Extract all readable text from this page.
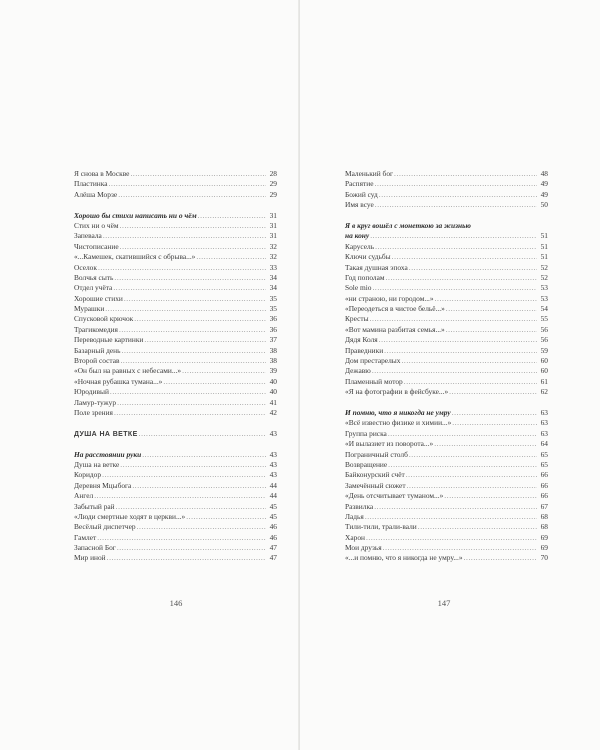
Я снова в Москве .....	28
Пластинка .....	29
Алёша Морзе .....	29
Хорошо бы стихи написать ни о чём .....	31
Стих ни о чём .....	31
Запевала .....	31
Чистописание .....	32
«...Камешек, скатившийся с обрыва...» .....	32
Оселок .....	33
Волчья сыть .....	34
Отдел учёта .....	34
Хорошие стихи .....	35
Мурашки .....	35
Спусковой крючок .....	36
Трагикомедия .....	36
Переводные картинки .....	37
Базарный день .....	38
Второй состав .....	38
«Он был на равных с небесами...» .....	39
«Ночная рубашка тумана...» .....	40
Юродивый .....	40
Ламур-тужур .....	41
Поле зрения .....	42
ДУША НА ВЕТКЕ .....	43
На расстоянии руки .....	43
Душа на ветке .....	43
Коридор .....	43
Деревня Мцыбога .....	44
Ангел .....	44
Забытый рай .....	45
«Люди смертные ходят в церкви...» .....	45
Весёлый диспетчер .....	46
Гамлет .....	46
Запасной Бог .....	47
Мир иной .....	47
146
Маленький бог .....	48
Распятие .....	49
Божий суд .....	49
Имя всуе .....	50
Я в круг вошёл с монеткою за жизнью
на кону .....	51
Карусель .....	51
Ключи судьбы .....	51
Такая душная эпоха .....	52
Год пополам .....	52
Sole mio .....	53
«ни страною, ни городом...» .....	53
«Переодеться в чистое бельё...» .....	54
Кресты .....	55
«Вот мамина разбитая семья...» .....	56
Дядя Коля .....	56
Праведники .....	59
Дом престарелых .....	60
Дежавю .....	60
Пламенный мотор .....	61
«Я на фотографии в фейсбуке...» .....	62
И помню, что я никогда не умру .....	63
«Всё известно физике и химии...» .....	63
Группа риска .....	63
«И вылазиет из поворота...» .....	64
Пограничный столб .....	65
Возвращение .....	65
Байконурский счёт .....	66
Замечённый сюжет .....	66
«День отсчитывает туманом...» .....	66
Развилка .....	67
Ладья .....	68
Тили-тили, трали-вали .....	68
Харон .....	69
Мои друзья .....	69
«...и помню, что я никогда не умру...» .....	70
147
